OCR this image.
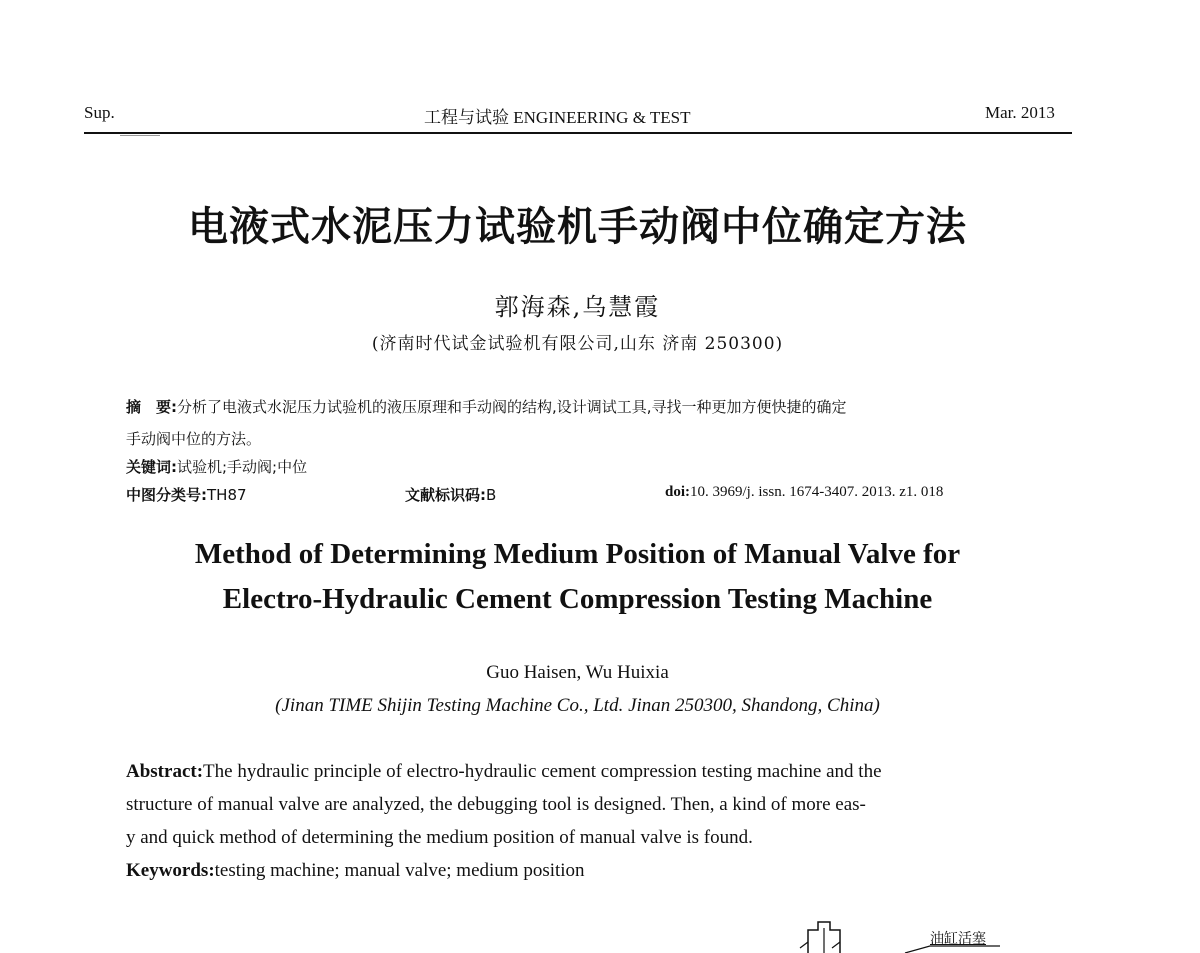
Sup.	工程与试验 ENGINEERING & TEST	Mar. 2013
电液式水泥压力试验机手动阀中位确定方法
郭海森,乌慧霞
(济南时代试金试验机有限公司,山东 济南 250300)
摘　要:分析了电液式水泥压力试验机的液压原理和手动阀的结构,设计调试工具,寻找一种更加方便快捷的确定
手动阀中位的方法。
关键词:试验机;手动阀;中位
中图分类号:TH87	文献标识码:B	doi:10. 3969/j. issn. 1674-3407. 2013. z1. 018
Method of Determining Medium Position of Manual Valve for
Electro-Hydraulic Cement Compression Testing Machine
Guo Haisen, Wu Huixia
(Jinan TIME Shijin Testing Machine Co., Ltd. Jinan 250300, Shandong, China)
Abstract:The hydraulic principle of electro-hydraulic cement compression testing machine and the
structure of manual valve are analyzed, the debugging tool is designed. Then, a kind of more eas-
y and quick method of determining the medium position of manual valve is found.
Keywords:testing machine; manual valve; medium position
油缸活塞
